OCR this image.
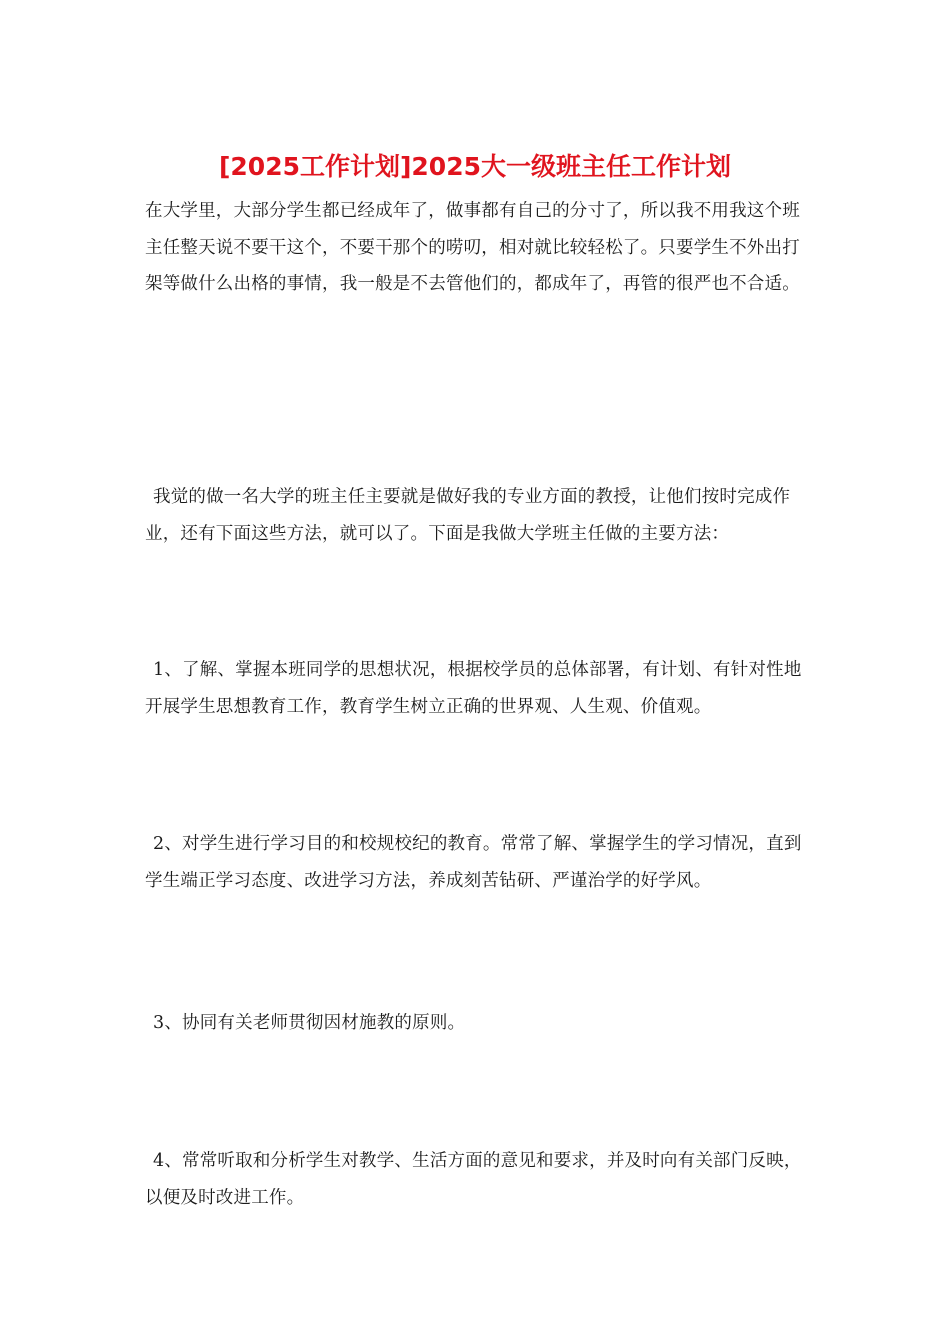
[2025工作计划]2025大一级班主任工作计划

在大学里，大部分学生都已经成年了，做事都有自己的分寸了，所以我不用我这个班主任整天说不要干这个，不要干那个的唠叨，相对就比较轻松了。只要学生不外出打架等做什么出格的事情，我一般是不去管他们的，都成年了，再管的很严也不合适。

我觉的做一名大学的班主任主要就是做好我的专业方面的教授，让他们按时完成作业，还有下面这些方法，就可以了。下面是我做大学班主任做的主要方法：

1、了解、掌握本班同学的思想状况，根据校学员的总体部署，有计划、有针对性地开展学生思想教育工作，教育学生树立正确的世界观、人生观、价值观。

2、对学生进行学习目的和校规校纪的教育。常常了解、掌握学生的学习情况，直到学生端正学习态度、改进学习方法，养成刻苦钻研、严谨治学的好学风。

3、协同有关老师贯彻因材施教的原则。

4、常常听取和分析学生对教学、生活方面的意见和要求，并及时向有关部门反映，以便及时改进工作。
